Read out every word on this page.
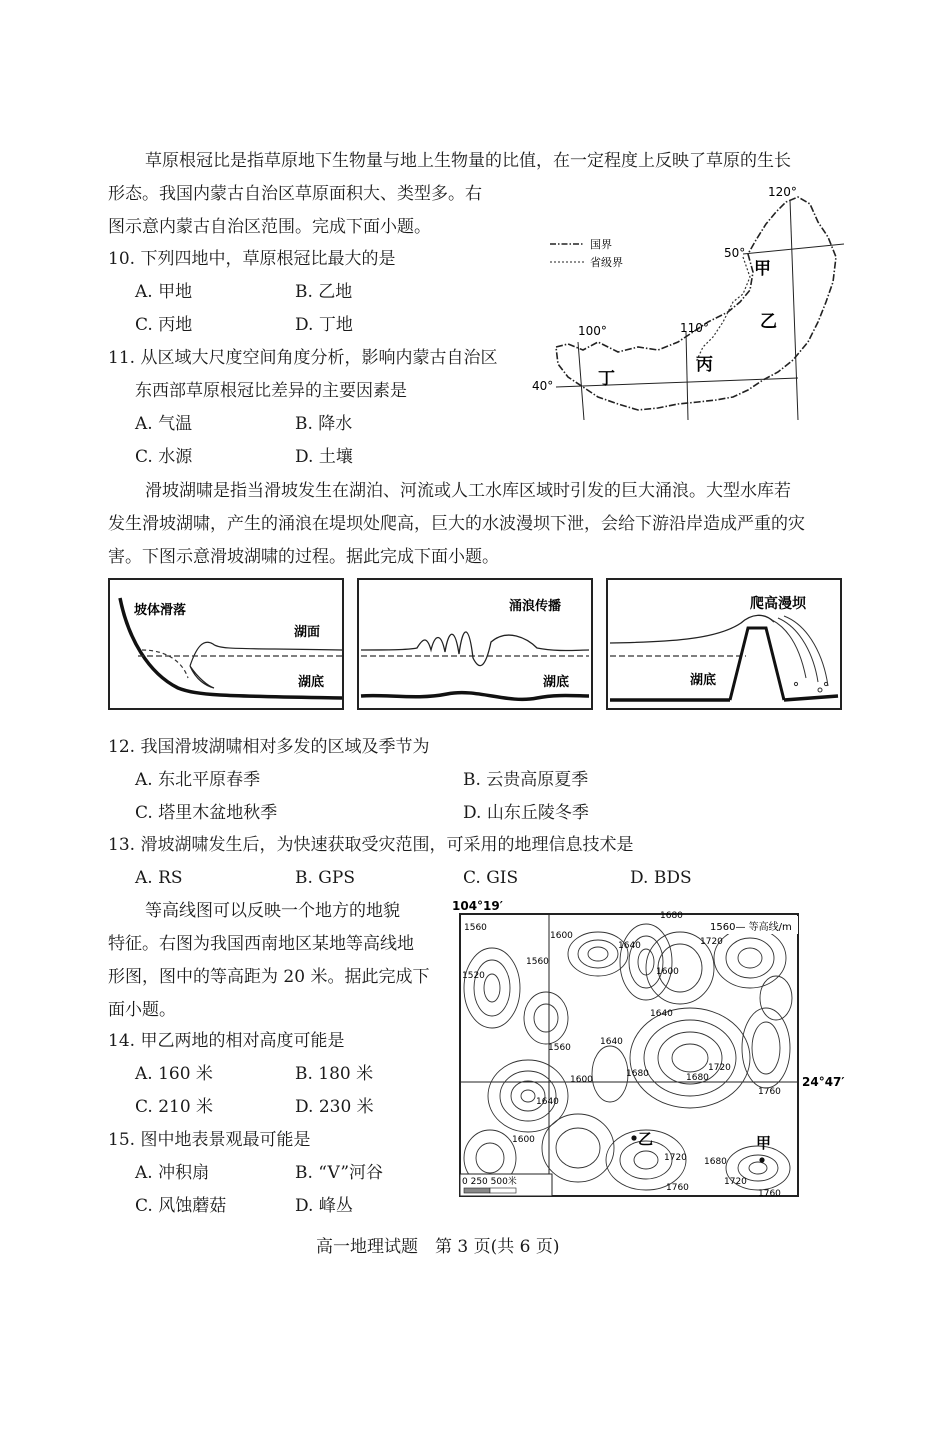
草原根冠比是指草原地下生物量与地上生物量的比值，在一定程度上反映了草原的生长
形态。我国内蒙古自治区草原面积大、类型多。右
图示意内蒙古自治区范围。完成下面小题。
10. 下列四地中，草原根冠比最大的是
A. 甲地	B. 乙地
C. 丙地	D. 丁地
11. 从区域大尺度空间角度分析，影响内蒙古自治区
东西部草原根冠比差异的主要因素是
A. 气温	B. 降水
C. 水源	D. 土壤
国界
省级界
120°
50°
100°	110°
40°
甲
乙
丙
丁
滑坡湖啸是指当滑坡发生在湖泊、河流或人工水库区域时引发的巨大涌浪。大型水库若
发生滑坡湖啸，产生的涌浪在堤坝处爬高，巨大的水波漫坝下泄，会给下游沿岸造成严重的灾
害。下图示意滑坡湖啸的过程。据此完成下面小题。
坡体滑落
湖面
湖底
涌浪传播
湖底
爬高漫坝
湖底
12. 我国滑坡湖啸相对多发的区域及季节为
A. 东北平原春季	B. 云贵高原夏季
C. 塔里木盆地秋季	D. 山东丘陵冬季
13. 滑坡湖啸发生后，为快速获取受灾范围，可采用的地理信息技术是
A. RS	B. GPS	C. GIS	D. BDS
等高线图可以反映一个地方的地貌
特征。右图为我国西南地区某地等高线地
形图，图中的等高距为 20 米。据此完成下
面小题。
14. 甲乙两地的相对高度可能是
A. 160 米	B. 180 米
C. 210 米	D. 230 米
15. 图中地表景观最可能是
A. 冲积扇	B. “V”河谷
C. 风蚀蘑菇	D. 峰丛
1560— 等高线/m
104°19′
24°47′
0 250 500米
乙	甲
1560
1520
1560
1600
1640
1600
1680
1720
1640
1640
1560
1640
1600
1680	1680
1720
1760
1600
1720 1680
1720
1760
1760
高一地理试题　第 3 页(共 6 页)
